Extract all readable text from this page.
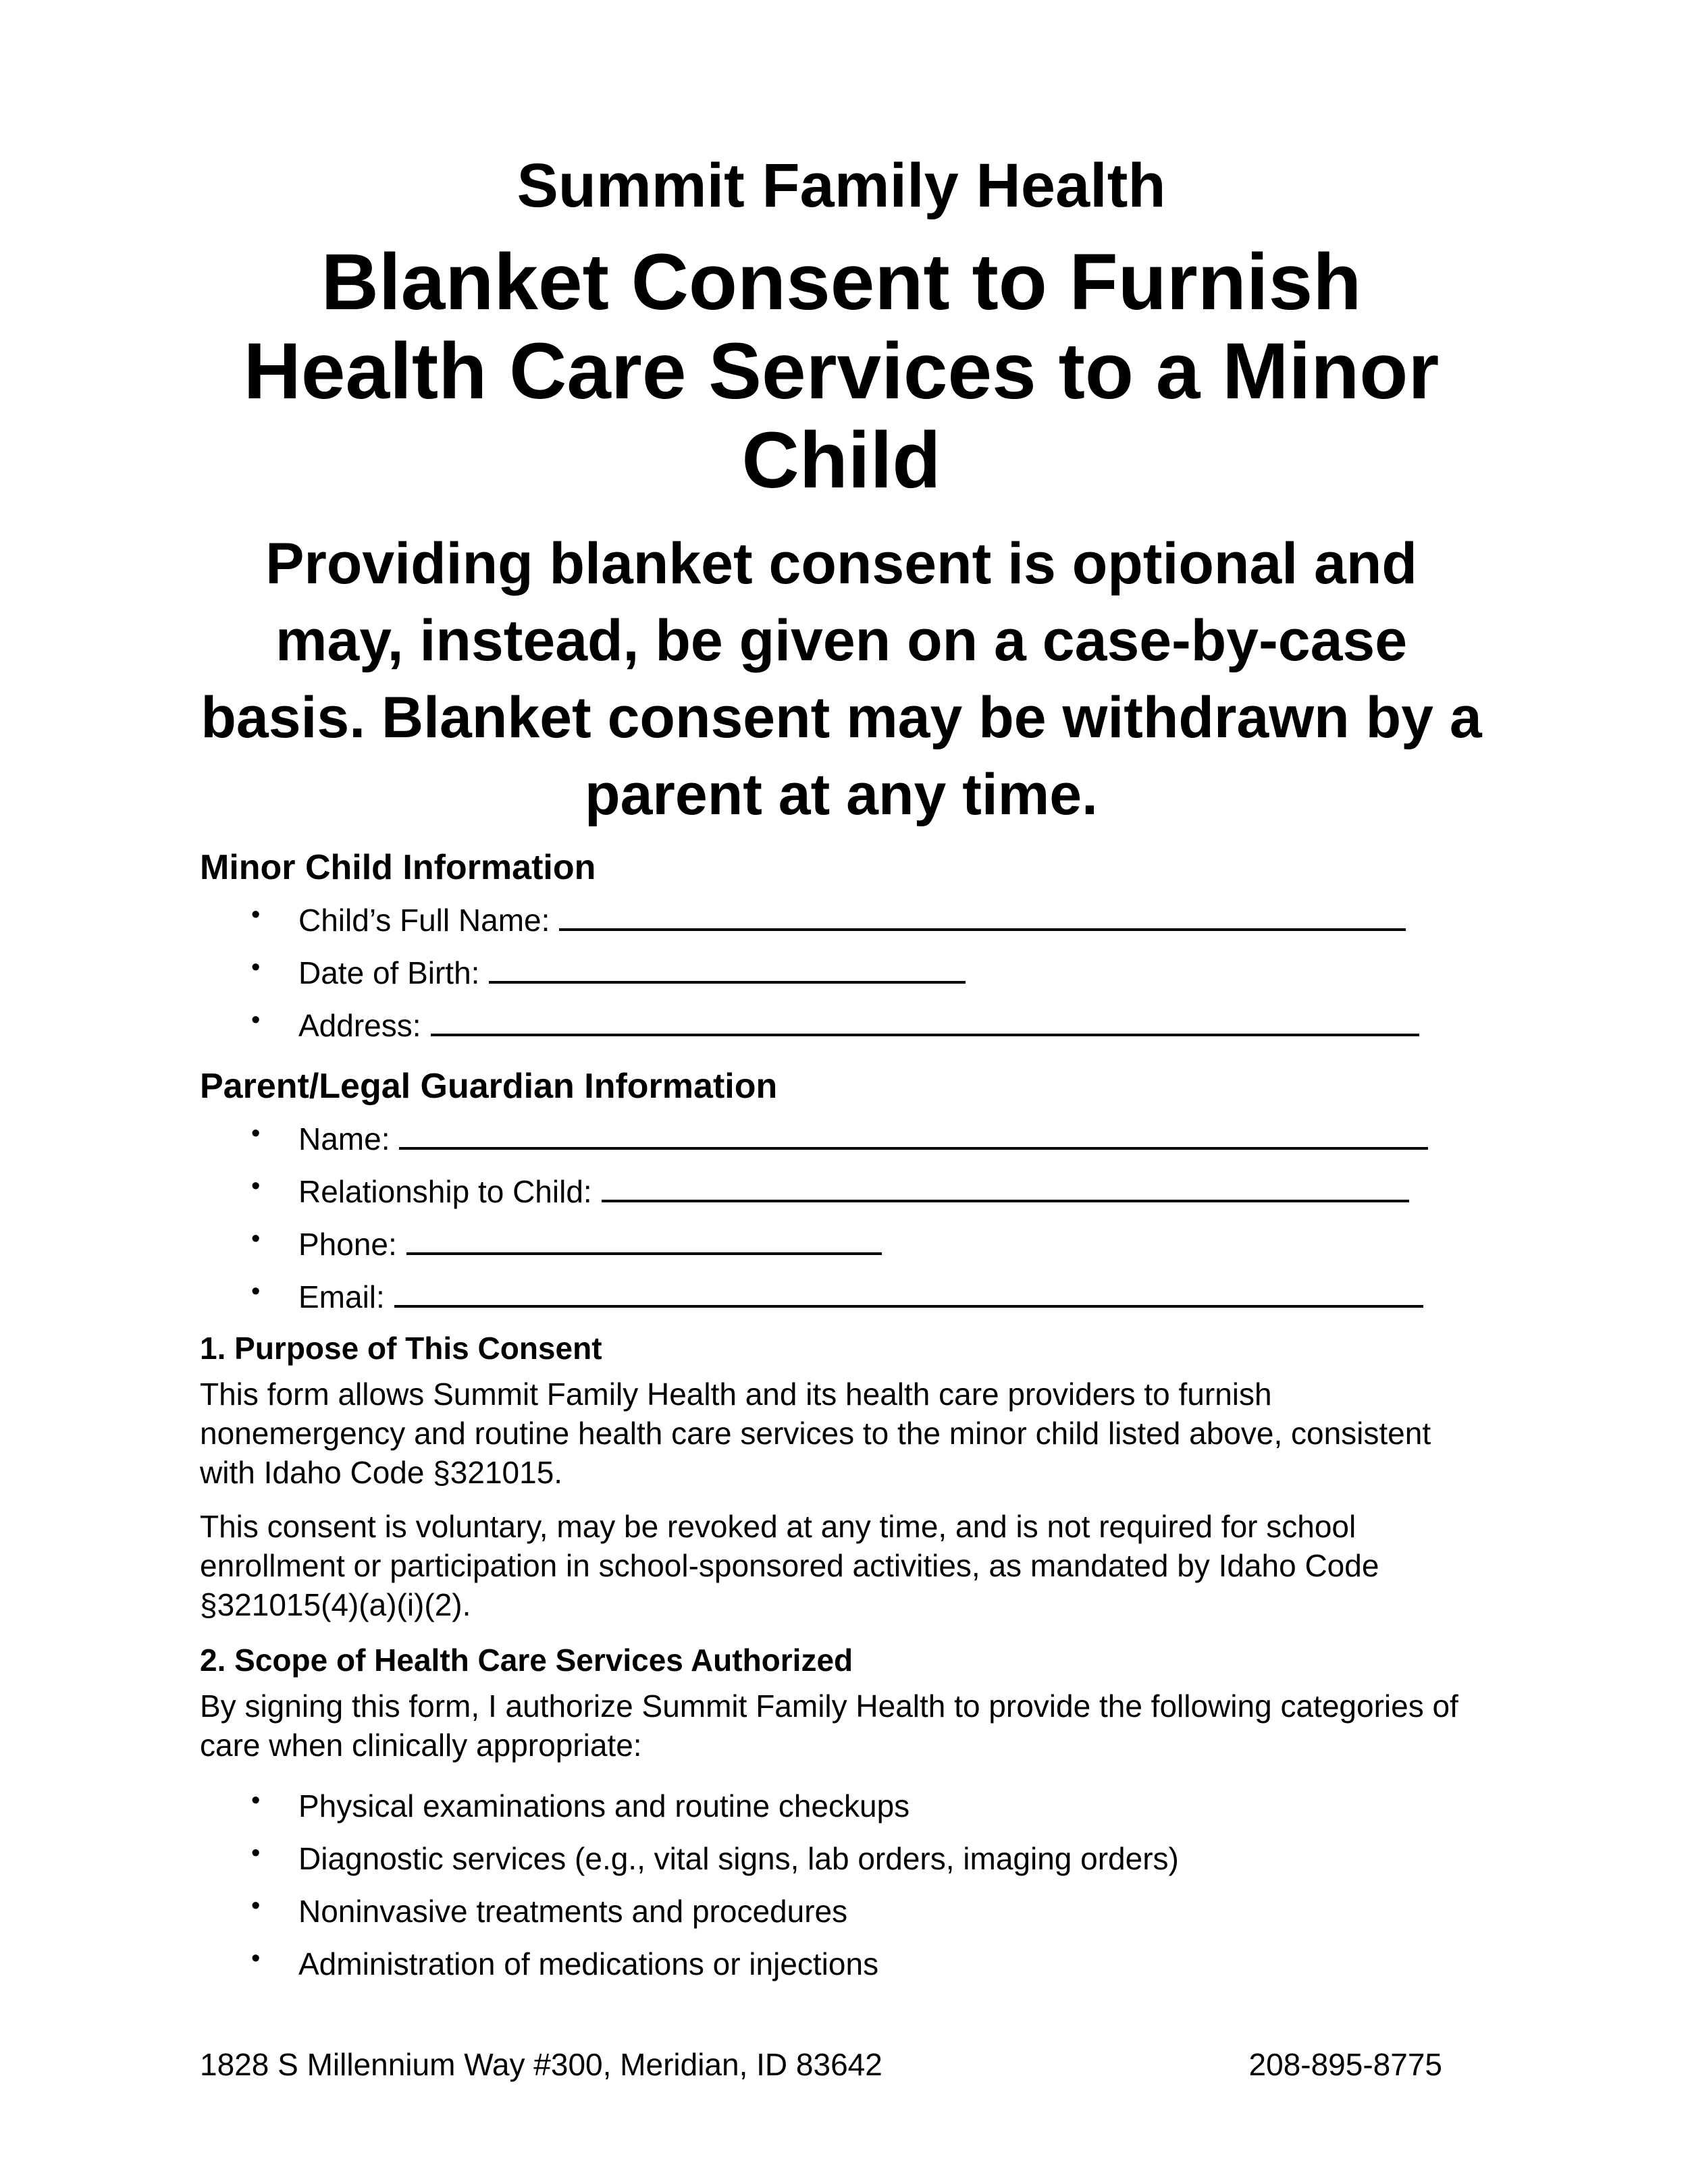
Summit Family Health
Blanket Consent to Furnish Health Care Services to a Minor Child

Providing blanket consent is optional and may, instead, be given on a case-by-case basis. Blanket consent may be withdrawn by a parent at any time.

Minor Child Information
• Child’s Full Name:
• Date of Birth:
• Address:
Parent/Legal Guardian Information
• Name:
• Relationship to Child:
• Phone:
• Email:
1. Purpose of This Consent

This form allows Summit Family Health and its health care providers to furnish nonemergency and routine health care services to the minor child listed above, consistent with Idaho Code §321015.

This consent is voluntary, may be revoked at any time, and is not required for school enrollment or participation in school-sponsored activities, as mandated by Idaho Code §321015(4)(a)(i)(2).

2. Scope of Health Care Services Authorized

By signing this form, I authorize Summit Family Health to provide the following categories of care when clinically appropriate:

• Physical examinations and routine checkups
• Diagnostic services (e.g., vital signs, lab orders, imaging orders)
• Noninvasive treatments and procedures
• Administration of medications or injections
1828 S Millennium Way #300, Meridian, ID 83642	208-895-8775
